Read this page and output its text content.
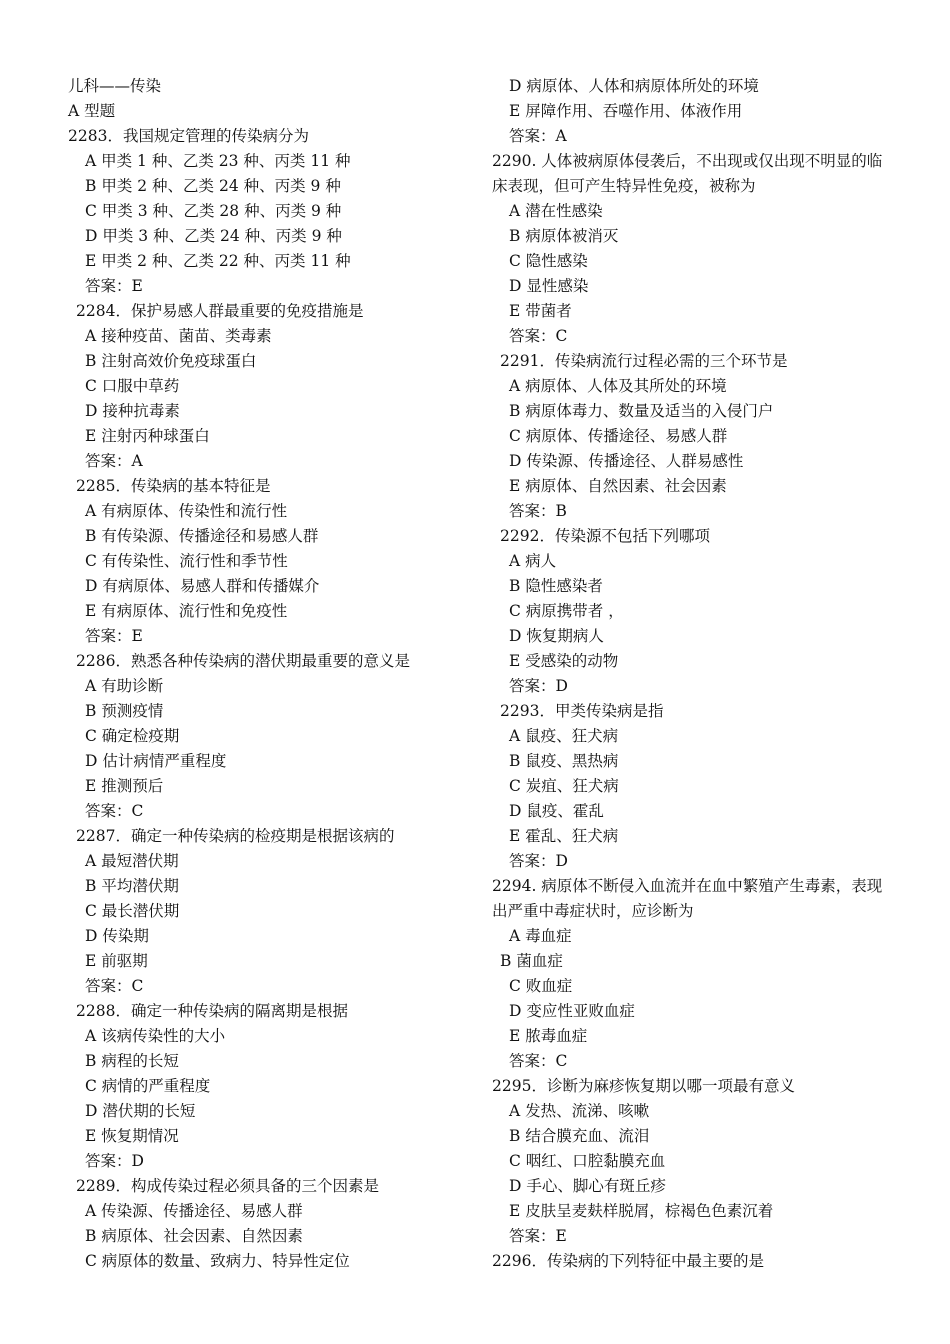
儿科——传染
A 型题
2283．我国规定管理的传染病分为
A 甲类 1 种、乙类 23 种、丙类 11 种
B 甲类 2 种、乙类 24 种、丙类 9 种
C 甲类 3 种、乙类 28 种、丙类 9 种
D 甲类 3 种、乙类 24 种、丙类 9 种
E 甲类 2 种、乙类 22 种、丙类 11 种
答案：E
2284．保护易感人群最重要的免疫措施是
A 接种疫苗、菌苗、类毒素
B 注射高效价免疫球蛋白
C 口服中草药
D 接种抗毒素
E 注射丙种球蛋白
答案：A
2285．传染病的基本特征是
A 有病原体、传染性和流行性
B 有传染源、传播途径和易感人群
C 有传染性、流行性和季节性
D 有病原体、易感人群和传播媒介
E 有病原体、流行性和免疫性
答案：E
2286．熟悉各种传染病的潜伏期最重要的意义是
A 有助诊断
B 预测疫情
C 确定检疫期
D 估计病情严重程度
E 推测预后
答案：C
2287．确定一种传染病的检疫期是根据该病的
A 最短潜伏期
B 平均潜伏期
C 最长潜伏期
D 传染期
E 前驱期
答案：C
2288．确定一种传染病的隔离期是根据
A 该病传染性的大小
B 病程的长短
C 病情的严重程度
D 潜伏期的长短
E 恢复期情况
答案：D
2289．构成传染过程必须具备的三个因素是
A 传染源、传播途径、易感人群
B 病原体、社会因素、自然因素
C 病原体的数量、致病力、特异性定位
D 病原体、人体和病原体所处的环境
E 屏障作用、吞噬作用、体液作用
答案：A
2290. 人体被病原体侵袭后，不出现或仅出现不明显的临床表现，但可产生特异性免疫，被称为
A 潜在性感染
B 病原体被消灭
C 隐性感染
D 显性感染
E 带菌者
答案：C
2291．传染病流行过程必需的三个环节是
A 病原体、人体及其所处的环境
B 病原体毒力、数量及适当的入侵门户
C 病原体、传播途径、易感人群
D 传染源、传播途径、人群易感性
E 病原体、自然因素、社会因素
答案：B
2292．传染源不包括下列哪项
A 病人
B 隐性感染者
C 病原携带者 ，
D 恢复期病人
E 受感染的动物
答案：D
2293．甲类传染病是指
A 鼠疫、狂犬病
B 鼠疫、黑热病
C 炭疽、狂犬病
D 鼠疫、霍乱
E 霍乱、狂犬病
答案：D
2294. 病原体不断侵入血流并在血中繁殖产生毒素，表现出严重中毒症状时，应诊断为
A 毒血症
B 菌血症
C 败血症
D 变应性亚败血症
E 脓毒血症
答案：C
2295．诊断为麻疹恢复期以哪一项最有意义
A 发热、流涕、咳嗽
B 结合膜充血、流泪
C 咽红、口腔黏膜充血
D 手心、脚心有斑丘疹
E 皮肤呈麦麸样脱屑，棕褐色色素沉着
答案：E
2296．传染病的下列特征中最主要的是
